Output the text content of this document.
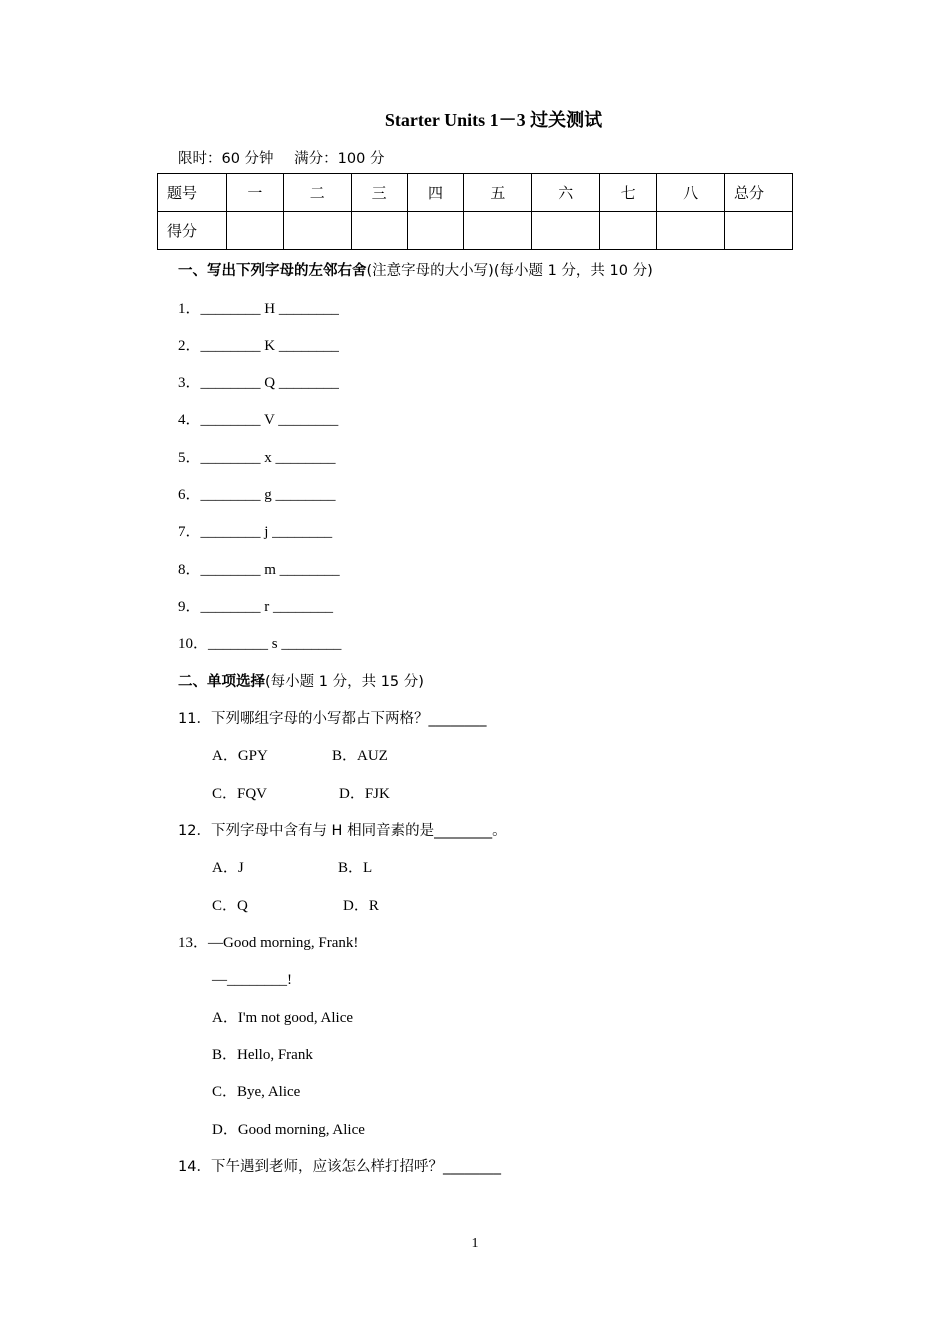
Starter Units 1－3 过关测试
限时：60 分钟 满分：100 分
题号	一	二	三	四	五	六	七	八	总分
得分									
一、写出下列字母的左邻右舍(注意字母的大小写)(每小题 1 分，共 10 分)
1．________ H ________
2．________ K ________
3．________ Q ________
4．________ V ________
5．________ x ________
6．________ g ________
7．________ j ________
8．________ m ________
9．________ r ________
10．________ s ________
二、单项选择(每小题 1 分，共 15 分)
11．下列哪组字母的小写都占下两格？________
A．GPY	B．AUZ
C．FQV	D．FJK
12．下列字母中含有与 H 相同音素的是________。
A．J	B．L
C．Q	D．R
13．—Good morning, Frank!
—________!
A．I'm not good, Alice
B．Hello, Frank
C．Bye, Alice
D．Good morning, Alice
14．下午遇到老师，应该怎么样打招呼？________
1
